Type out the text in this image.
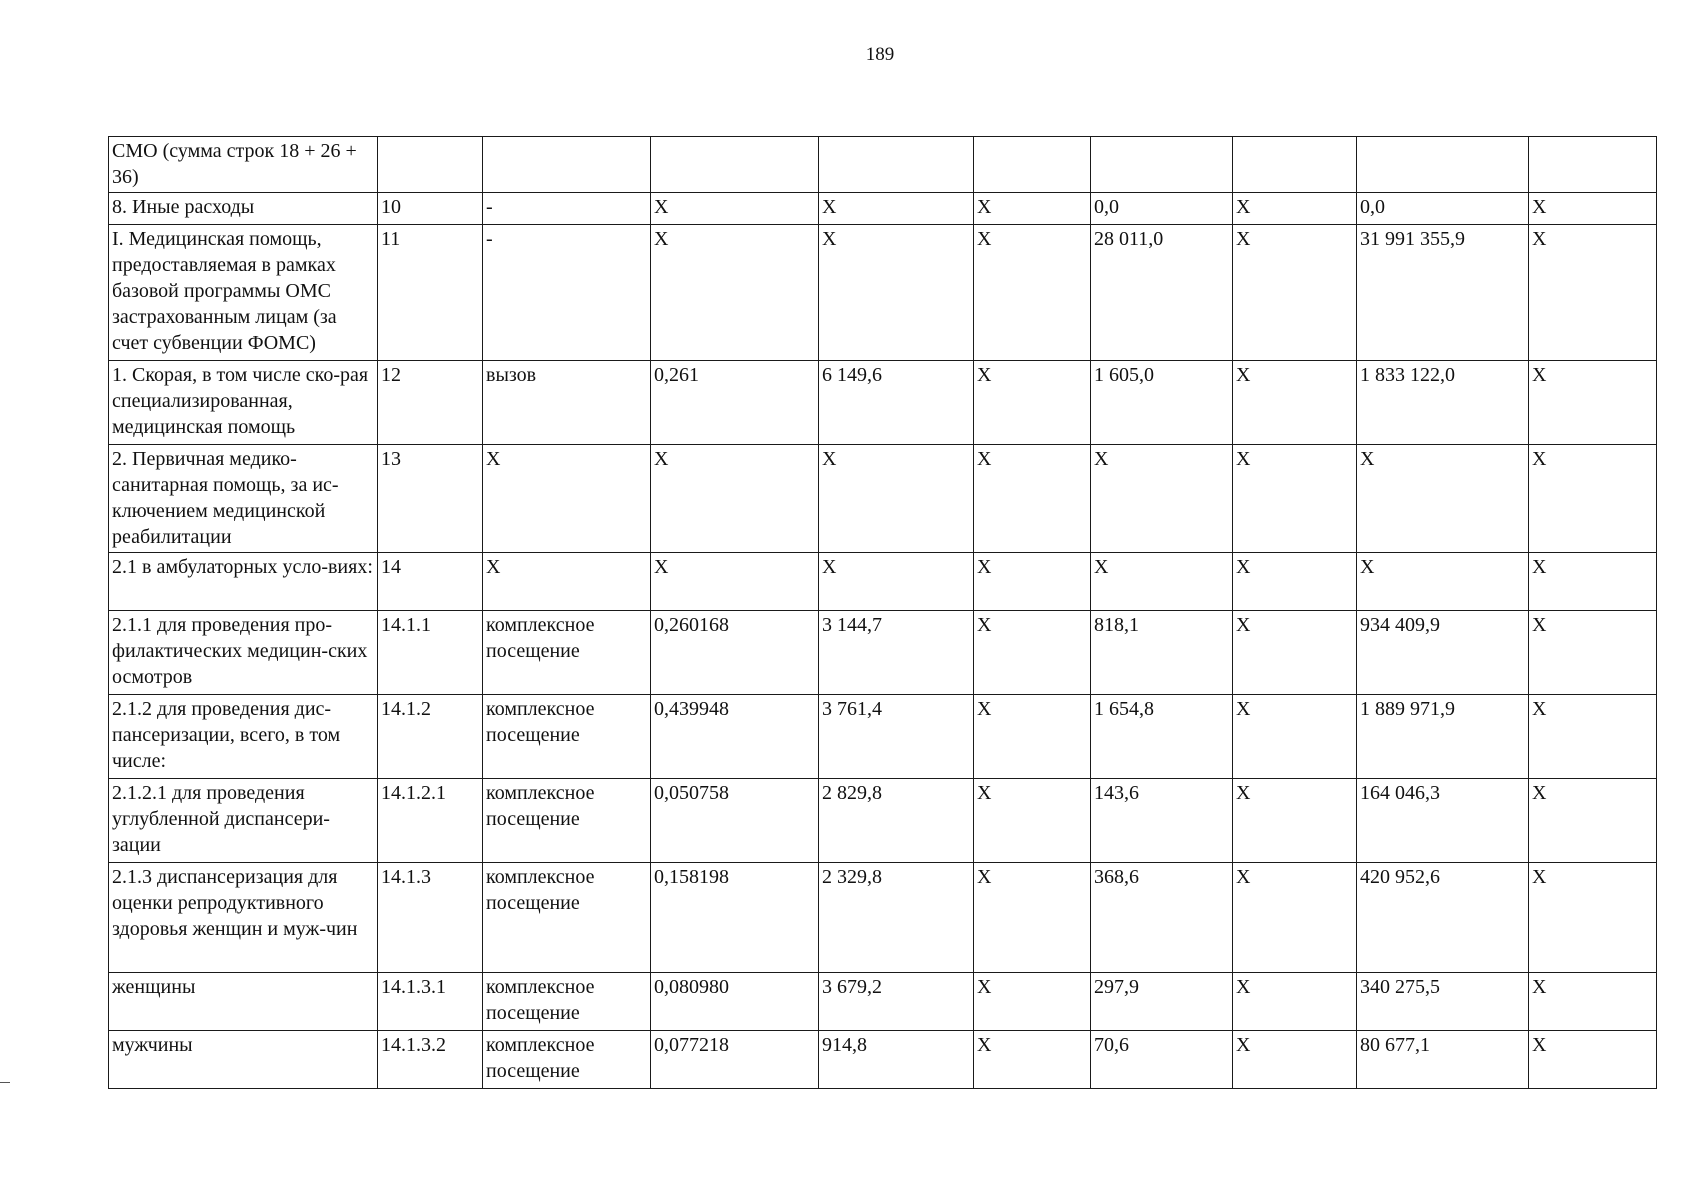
189
СМО (сумма строк 18 + 26 + 36)									
8. Иные расходы	10	-	X	X	X	0,0	X	0,0	X
I. Медицинская помощь, предоставляемая в рамках базовой программы ОМС застрахованным лицам (за счет субвенции ФОМС)	11	-	X	X	X	28 011,0	X	31 991 355,9	X
1. Скорая, в том числе ско-рая специализированная, медицинская помощь	12	вызов	0,261	6 149,6	X	1 605,0	X	1 833 122,0	X
2. Первичная медико-санитарная помощь, за ис-ключением медицинской реабилитации	13	X	X	X	X	X	X	X	X
2.1 в амбулаторных усло-виях:	14	X	X	X	X	X	X	X	X
2.1.1 для проведения про-филактических медицин-ских осмотров	14.1.1	комплексное посещение	0,260168	3 144,7	X	818,1	X	934 409,9	X
2.1.2 для проведения дис-пансеризации, всего, в том числе:	14.1.2	комплексное посещение	0,439948	3 761,4	X	1 654,8	X	1 889 971,9	X
2.1.2.1 для проведения углубленной диспансери-зации	14.1.2.1	комплексное посещение	0,050758	2 829,8	X	143,6	X	164 046,3	X
2.1.3 диспансеризация для оценки репродуктивного здоровья женщин и муж-чин	14.1.3	комплексное посещение	0,158198	2 329,8	X	368,6	X	420 952,6	X
женщины	14.1.3.1	комплексное посещение	0,080980	3 679,2	X	297,9	X	340 275,5	X
мужчины	14.1.3.2	комплексное посещение	0,077218	914,8	X	70,6	X	80 677,1	X
